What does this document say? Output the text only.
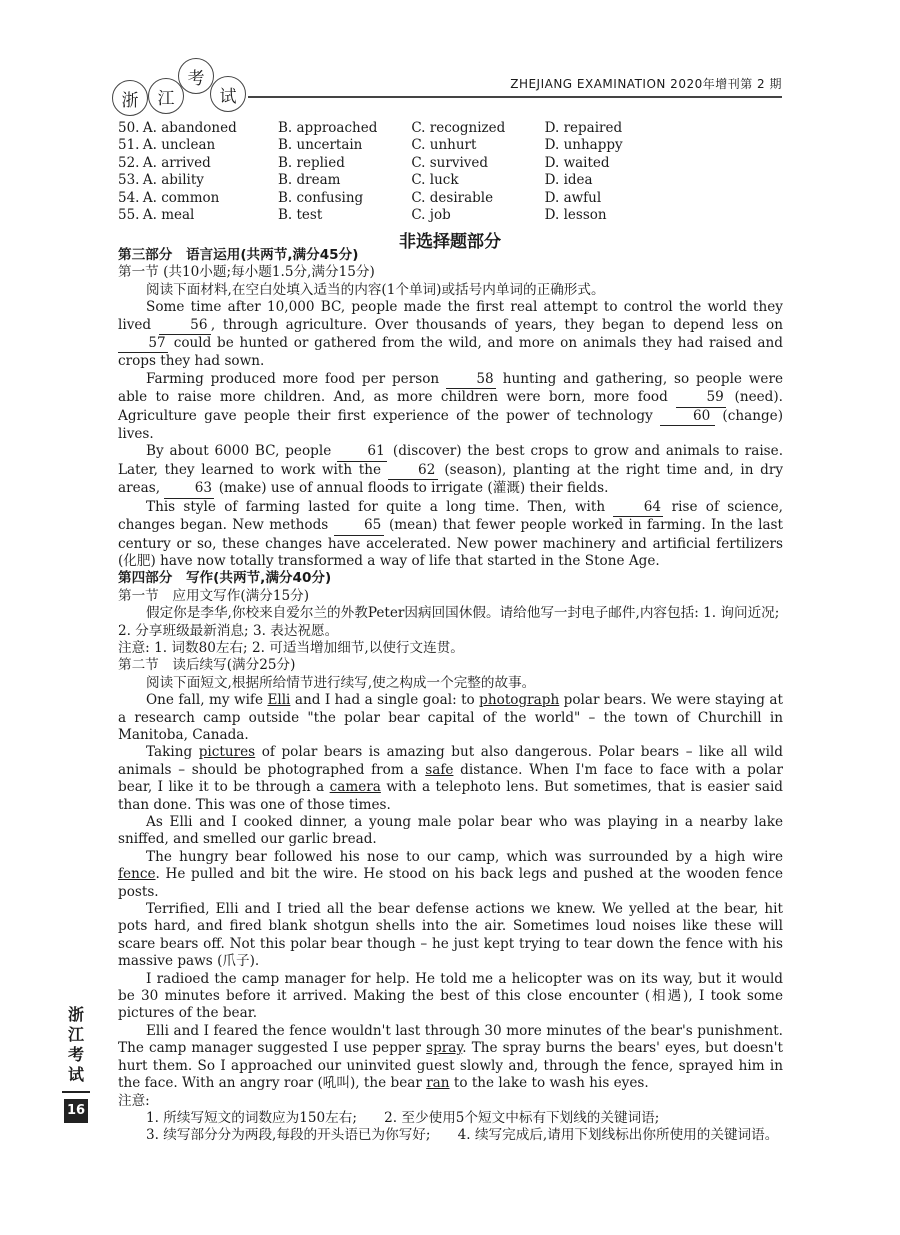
浙	江
考
试
ZHEJIANG EXAMINATION 2020年增刊第 2 期
50. A. abandoned	B. approached	C. recognized	D. repaired
51. A. unclean	B. uncertain	C. unhurt	D. unhappy
52. A. arrived	B. replied	C. survived	D. waited
53. A. ability	B. dream	C. luck	D. idea
54. A. common	B. confusing	C. desirable	D. awful
55. A. meal	B. test	C. job	D. lesson
非选择题部分

第三部分　语言运用(共两节,满分45分)

第一节 (共10小题;每小题1.5分,满分15分)

阅读下面材料,在空白处填入适当的内容(1个单词)或括号内单词的正确形式。

Some time after 10,000 BC, people made the first real attempt to control the world they lived	56 , through agriculture. Over thousands of years, they began to depend less on 57 could be hunted or gathered from the wild, and more on animals they had raised and crops they had sown.

Farming produced more food per person	58 hunting and gathering, so people were able to raise more children. And, as more children were born, more food	59 (need). Agriculture gave people their first experience of the power of technology	60 (change) lives.

By about 6000 BC, people	61 (discover) the best crops to grow and animals to raise. Later, they learned to work with the	62 (season), planting at the right time and, in dry areas,	63 (make) use of annual floods to irrigate (灌溉) their fields.

This style of farming lasted for quite a long time. Then, with	64 rise of science, changes began. New methods	65 (mean) that fewer people worked in farming. In the last century or so, these changes have accelerated. New power machinery and artificial fertilizers (化肥) have now totally transformed a way of life that started in the Stone Age.

第四部分　写作(共两节,满分40分)

第一节　应用文写作(满分15分)

假定你是李华,你校来自爱尔兰的外教Peter因病回国休假。请给他写一封电子邮件,内容包括: 1. 询问近况; 2. 分享班级最新消息; 3. 表达祝愿。

注意: 1. 词数80左右; 2. 可适当增加细节,以使行文连贯。

第二节　读后续写(满分25分)

阅读下面短文,根据所给情节进行续写,使之构成一个完整的故事。

One fall, my wife Elli and I had a single goal: to photograph polar bears. We were staying at a research camp outside "the polar bear capital of the world" – the town of Churchill in Manitoba, Canada.

Taking pictures of polar bears is amazing but also dangerous. Polar bears – like all wild animals – should be photographed from a safe distance. When I'm face to face with a polar bear, I like it to be through a camera with a telephoto lens. But sometimes, that is easier said than done. This was one of those times.

As Elli and I cooked dinner, a young male polar bear who was playing in a nearby lake sniffed, and smelled our garlic bread.

The hungry bear followed his nose to our camp, which was surrounded by a high wire fence. He pulled and bit the wire. He stood on his back legs and pushed at the wooden fence posts.

Terrified, Elli and I tried all the bear defense actions we knew. We yelled at the bear, hit pots hard, and fired blank shotgun shells into the air. Sometimes loud noises like these will scare bears off. Not this polar bear though – he just kept trying to tear down the fence with his massive paws (爪子).

I radioed the camp manager for help. He told me a helicopter was on its way, but it would be 30 minutes before it arrived. Making the best of this close encounter (相遇), I took some pictures of the bear.

Elli and I feared the fence wouldn't last through 30 more minutes of the bear's punishment. The camp manager suggested I use pepper spray. The spray burns the bears' eyes, but doesn't hurt them. So I approached our uninvited guest slowly and, through the fence, sprayed him in the face. With an angry roar (吼叫), the bear ran to the lake to wash his eyes.

注意:

1. 所续写短文的词数应为150左右;　　2. 至少使用5个短文中标有下划线的关键词语;

3. 续写部分分为两段,每段的开头语已为你写好;　　4. 续写完成后,请用下划线标出你所使用的关键词语。

浙江考试
16
